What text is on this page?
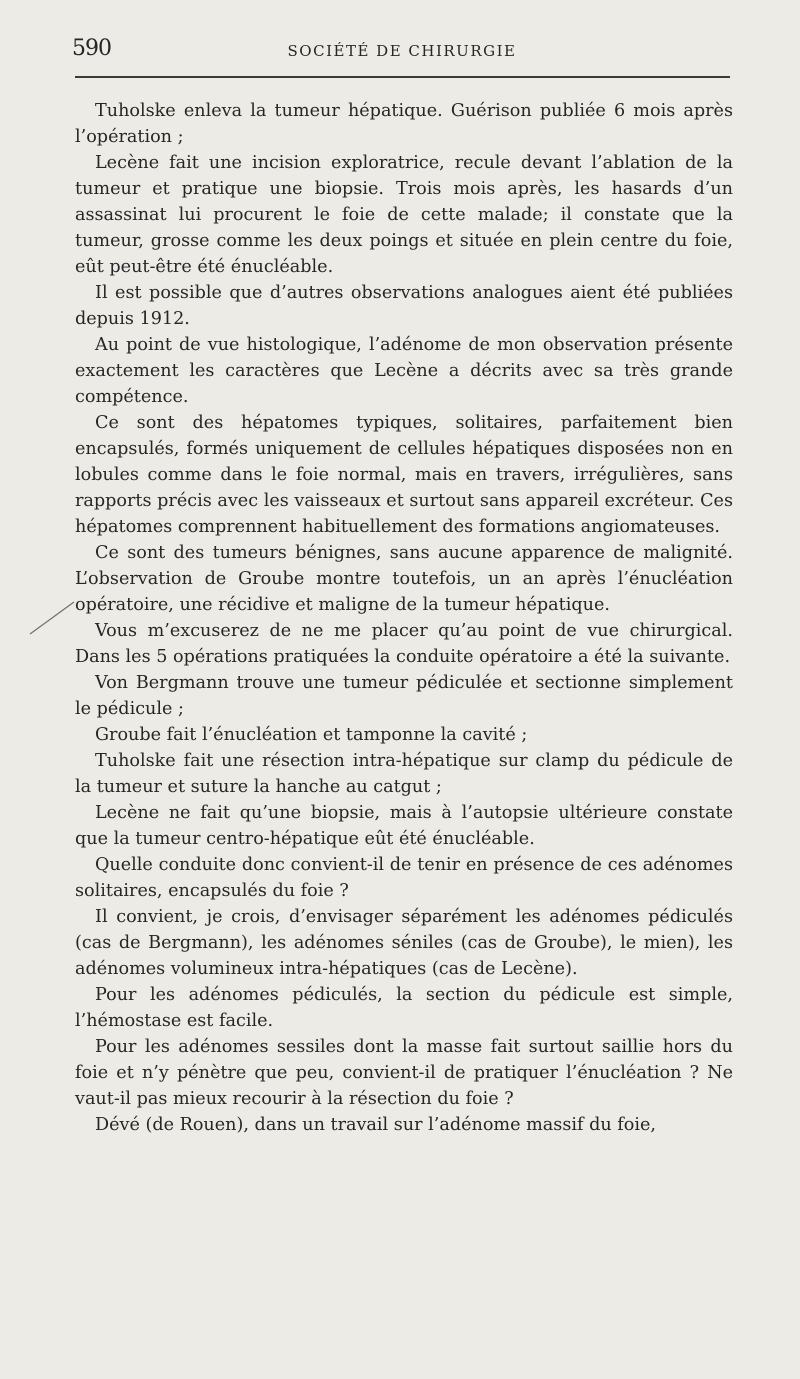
590	SOCIÉTÉ DE CHIRURGIE

Tuholske enleva la tumeur hépatique. Guérison publiée 6 mois après l’opération ;

Lecène fait une incision exploratrice, recule devant l’ablation de la tumeur et pratique une biopsie. Trois mois après, les hasards d’un assassinat lui procurent le foie de cette malade; il constate que la tumeur, grosse comme les deux poings et située en plein centre du foie, eût peut-être été énucléable.

Il est possible que d’autres observations analogues aient été publiées depuis 1912.

Au point de vue histologique, l’adénome de mon observation présente exactement les caractères que Lecène a décrits avec sa très grande compétence.

Ce sont des hépatomes typiques, solitaires, parfaitement bien encapsulés, formés uniquement de cellules hépatiques disposées non en lobules comme dans le foie normal, mais en travers, irrégulières, sans rapports précis avec les vaisseaux et surtout sans appareil excréteur. Ces hépatomes comprennent habituellement des formations angiomateuses.

Ce sont des tumeurs bénignes, sans aucune apparence de malignité. L’observation de Groube montre toutefois, un an après l’énucléation opératoire, une récidive et maligne de la tumeur hépatique.

Vous m’excuserez de ne me placer qu’au point de vue chirurgical. Dans les 5 opérations pratiquées la conduite opératoire a été la suivante.

Von Bergmann trouve une tumeur pédiculée et sectionne simplement le pédicule ;

Groube fait l’énucléation et tamponne la cavité ;

Tuholske fait une résection intra-hépatique sur clamp du pédicule de la tumeur et suture la hanche au catgut ;

Lecène ne fait qu’une biopsie, mais à l’autopsie ultérieure constate que la tumeur centro-hépatique eût été énucléable.

Quelle conduite donc convient-il de tenir en présence de ces adénomes solitaires, encapsulés du foie ?

Il convient, je crois, d’envisager séparément les adénomes pédiculés (cas de Bergmann), les adénomes séniles (cas de Groube), le mien), les adénomes volumineux intra-hépatiques (cas de Lecène).

Pour les adénomes pédiculés, la section du pédicule est simple, l’hémostase est facile.

Pour les adénomes sessiles dont la masse fait surtout saillie hors du foie et n’y pénètre que peu, convient-il de pratiquer l’énucléation ? Ne vaut-il pas mieux recourir à la résection du foie ?

Dévé (de Rouen), dans un travail sur l’adénome massif du foie,
